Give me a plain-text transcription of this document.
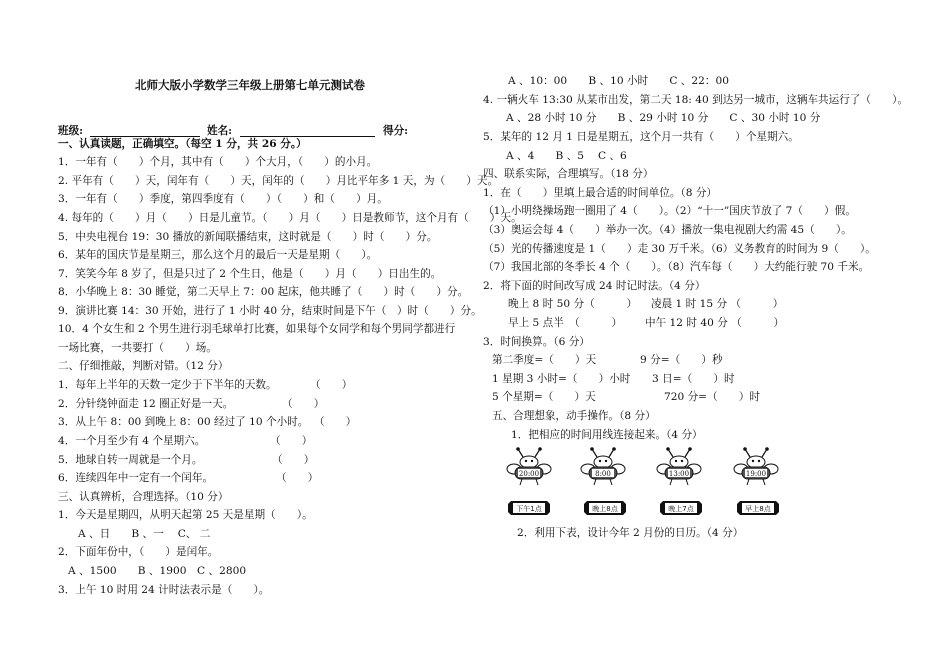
北师大版小学数学三年级上册第七单元测试卷
班级:	姓名:	得分:
一、认真读题，正确填空。（每空 1 分，共 26 分。）
1．一年有（　　）个月，其中有（　　）个大月，（　　）的小月。
2. 平年有（　　）天，闰年有（　　）天，闰年的（　　）月比平年多 1 天，为（　　）天。
3．一年有（　　）季度，第四季度有（　　）（　　）和（　　）月。
4. 每年的（　　）月（　　）日是儿童节。（　　）月（　　）日是教师节，这个月有（　　）天。
5．中央电视台 19：30 播放的新闻联播结束，这时就是（　　）时（　　）分。
6．某年的国庆节是星期三，那么这个月的最后一天是星期（　　）。
7．笑笑今年 8 岁了，但是只过了 2 个生日，他是（　　）月（　　）日出生的。
8．小华晚上 8：30 睡觉，第二天早上 7：00 起床，他共睡了（　　）时（　　）分。
9．演讲比赛 14：30 开始，进行了 1 小时 40 分，结束时间是下午（　）时（　　）分。
10．4 个女生和 2 个男生进行羽毛球单打比赛，如果每个女同学和每个男同学都进行
一场比赛，一共要打（　　）场。
二、仔细推敲，判断对错。（12 分）
1．每年上半年的天数一定少于下半年的天数。	（　　）
2．分针绕钟面走 12 圈正好是一天。	（　　）
3．从上午 8：00 到晚上 8：00 经过了 10 个小时。 （　　）
4．一个月至少有 4 个星期六。	（　　）
5．地球自转一周就是一个月。	（　　）
6．连续四年中一定有一个闰年。	（　　）
三、认真辨析，合理选择。（10 分）
1．今天是星期四，从明天起第 25 天是星期（　　）。
A 、日　　B 、一　 C、 二
2．下面年份中，（　　）是闰年。
A 、1500　　B 、1900　C 、2800
3．上午 10 时用 24 计时法表示是（　　）。
A 、10：00　　B 、10 小时　　C 、22：00
4. 一辆火车 13:30 从某市出发，第二天 18: 40 到达另一城市，这辆车共运行了（　　）。
A 、28 小时 10 分　　B 、29 小时 10 分　　C 、30 小时 10 分
5．某年的 12 月 1 日是星期五，这个月一共有（　　）个星期六。
A 、4　　B 、5　 C 、6
四、联系实际，合理填写。（18 分）
1．在（　　）里填上最合适的时间单位。（8 分）
（1）小明绕操场跑一圈用了 4（　　）。（2）“十一”国庆节放了 7（　　）假。
（3）奥运会每 4（　　）举办一次。（4）播放一集电视剧大约需 45（　　）。
（5）光的传播速度是 1（　　）走 30 万千米。（6）义务教育的时间为 9（　　）。
（7）我国北部的冬季长 4 个（　　）。（8）汽车每（　　）大约能行驶 70 千米。
2．将下面的时间改写成 24 时记时法。（4 分）
晚上 8 时 50 分（　　　） 凌晨 1 时 15 分 （　　　）
早上 5 点半　（　　　） 中午 12 时 40 分 （　　　）
3．时间换算。（6 分）
第二季度=（　　）天	9 分=（　　）秒
1 星期 3 小时=（　　）小时 3 日=（　　）时
5 个星期=（　　）天	720 分=（　　）时
五、合理想象，动手操作。（8 分）
1．把相应的时间用线连接起来。（4 分）
20:00	8:00	13:00	19:00
下午1点	晚上8点	晚上7点	早上8点
2．利用下表，设计今年 2 月份的日历。（4 分）
